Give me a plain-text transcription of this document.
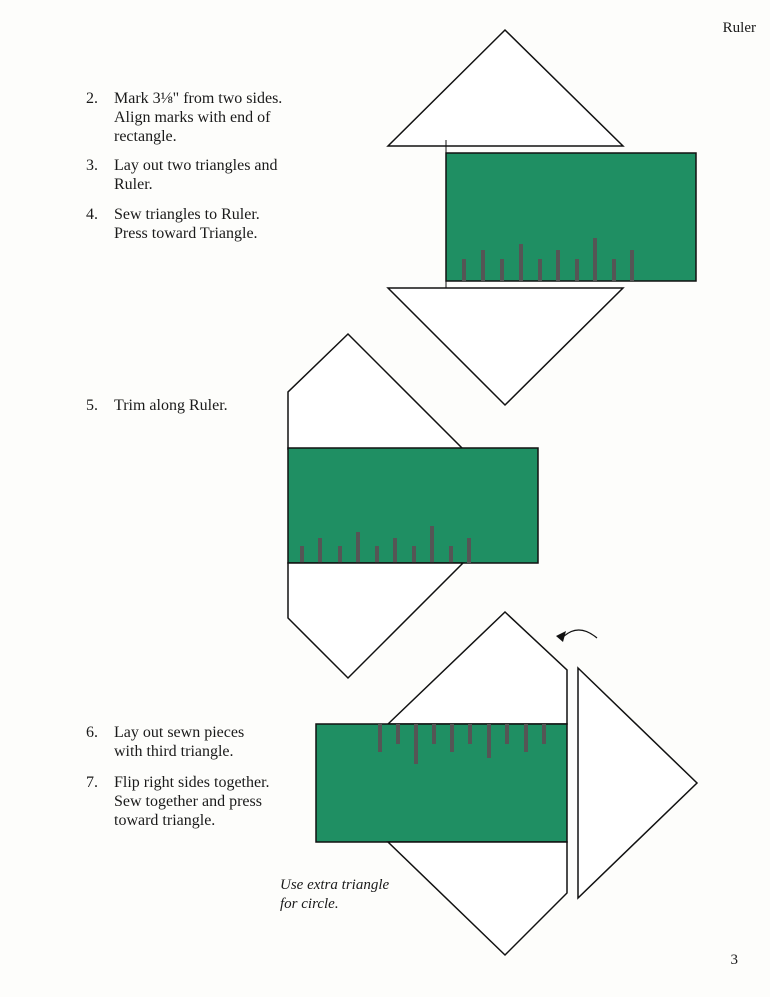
Ruler
2.	Mark 3⅛" from two sides.
Align marks with end of
rectangle.
3.	Lay out two triangles and
Ruler.
4.	Sew triangles to Ruler.
Press toward Triangle.
5.	Trim along Ruler.
6.	Lay out sewn pieces
with third triangle.
7.	Flip right sides together.
Sew together and press
toward triangle.
Use extra triangle
for circle.
3
